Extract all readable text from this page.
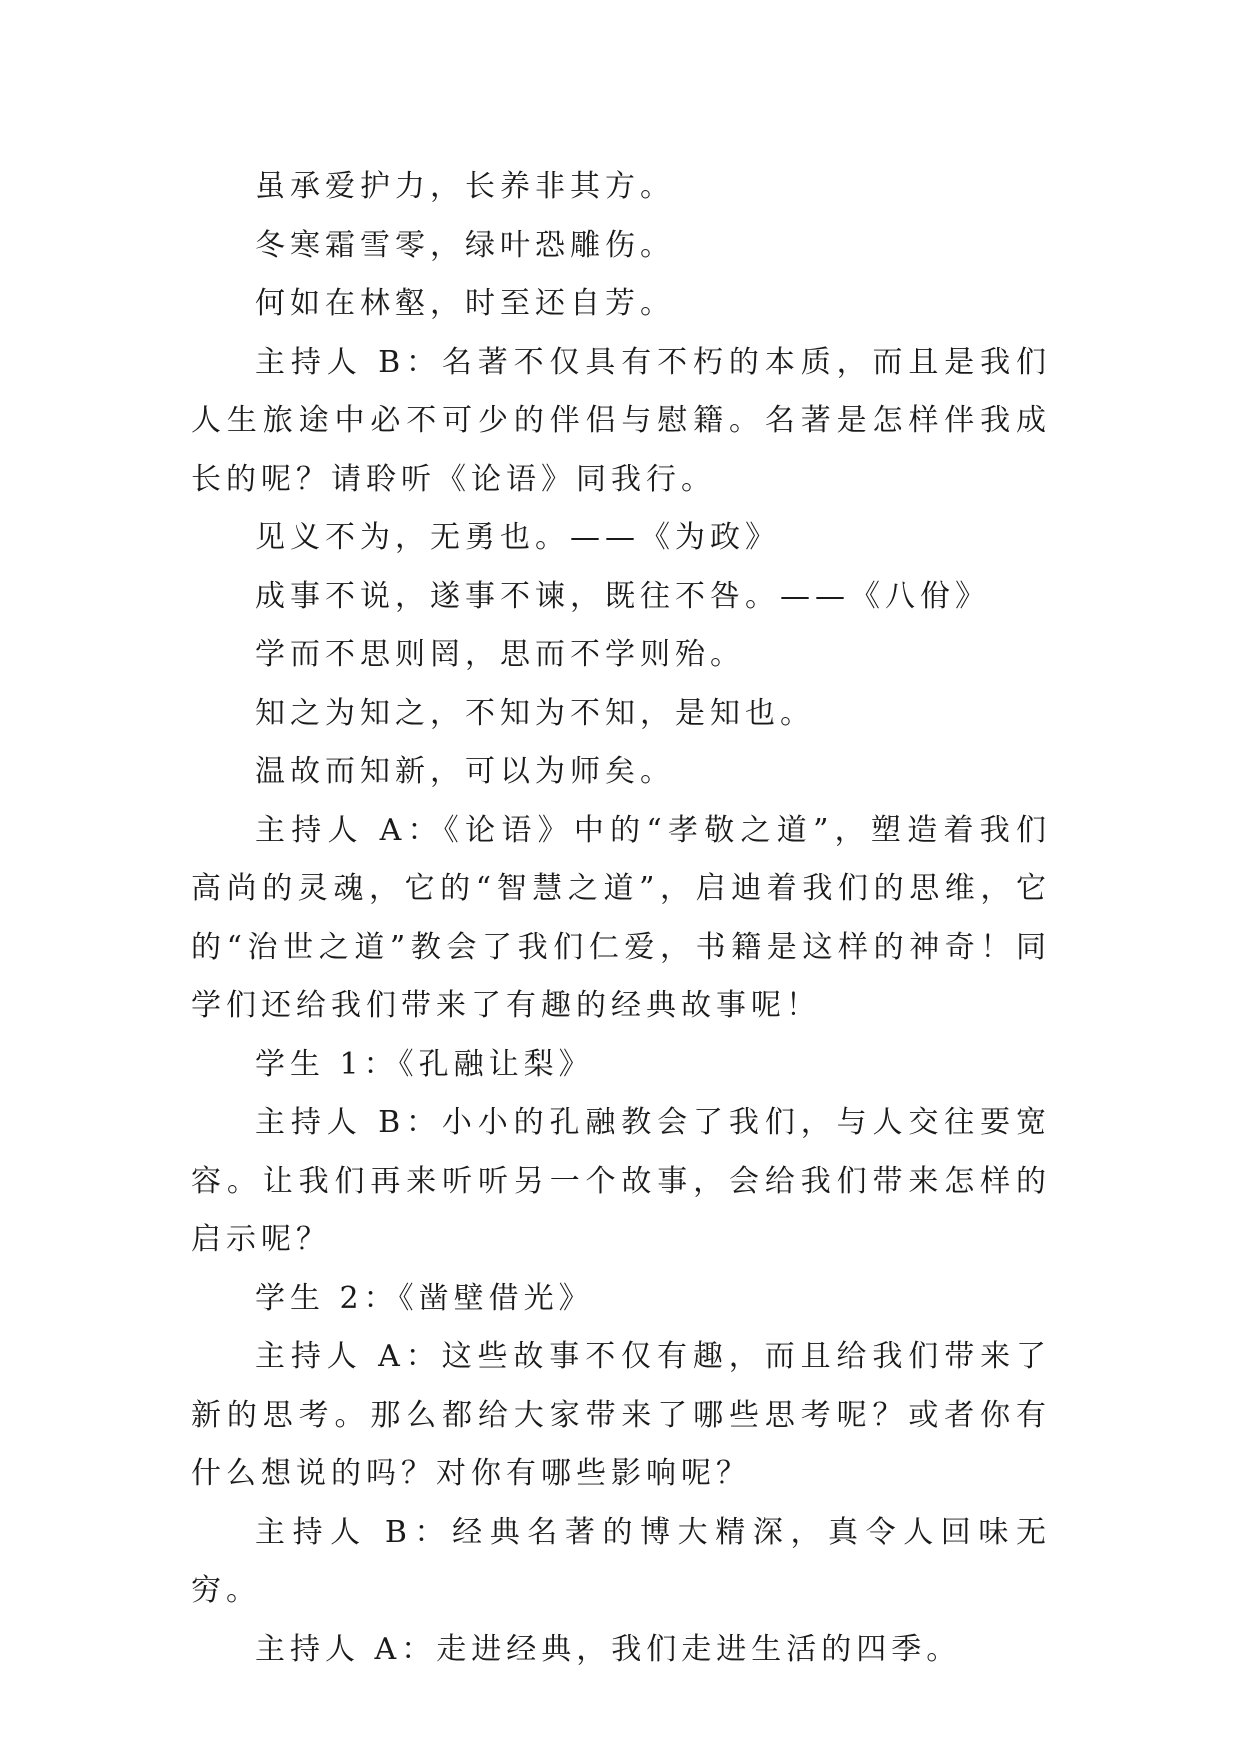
虽承爱护力，长养非其方。

冬寒霜雪零，绿叶恐雕伤。

何如在林壑，时至还自芳。

主持人 B：名著不仅具有不朽的本质，而且是我们人生旅途中必不可少的伴侣与慰籍。名著是怎样伴我成长的呢？请聆听《论语》同我行。

见义不为，无勇也。——《为政》

成事不说，遂事不谏，既往不咎。——《八佾》

学而不思则罔，思而不学则殆。

知之为知之，不知为不知，是知也。

温故而知新，可以为师矣。

主持人 A：《论语》中的“孝敬之道”，塑造着我们高尚的灵魂，它的“智慧之道”，启迪着我们的思维，它的“治世之道”教会了我们仁爱，书籍是这样的神奇！同学们还给我们带来了有趣的经典故事呢！

学生 1：《孔融让梨》

主持人 B：小小的孔融教会了我们，与人交往要宽容。让我们再来听听另一个故事，会给我们带来怎样的启示呢？

学生 2：《凿壁借光》

主持人 A：这些故事不仅有趣，而且给我们带来了新的思考。那么都给大家带来了哪些思考呢？或者你有什么想说的吗？对你有哪些影响呢？

主持人 B：经典名著的博大精深，真令人回味无穷。

主持人 A：走进经典，我们走进生活的四季。
